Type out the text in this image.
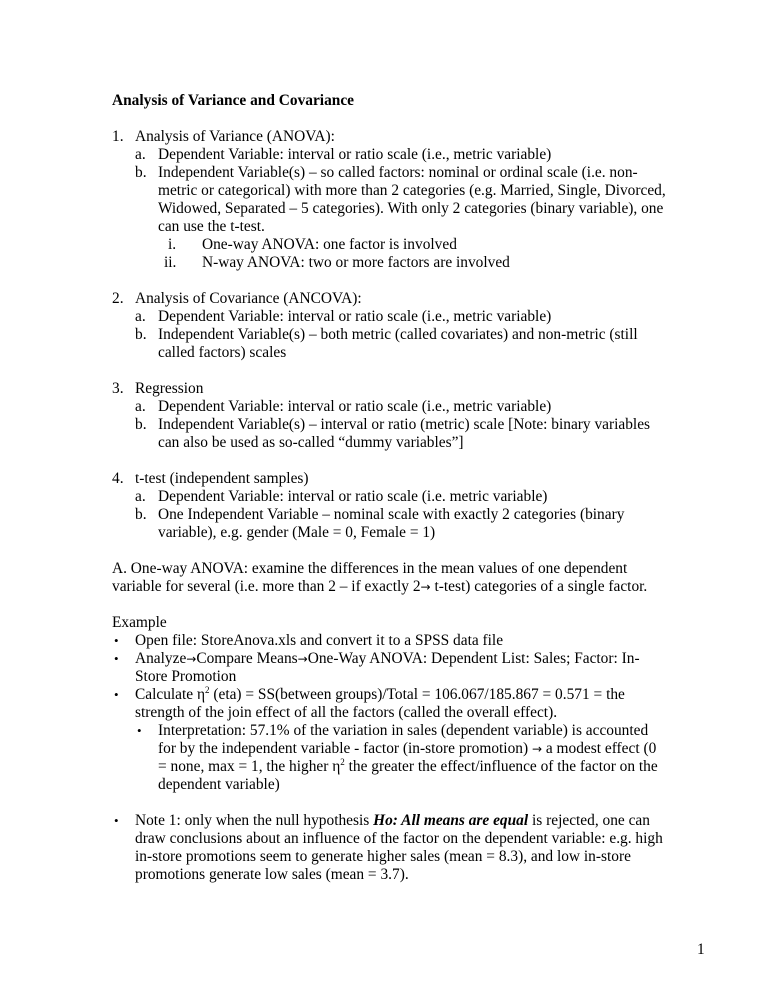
Analysis of Variance and Covariance
1. Analysis of Variance (ANOVA):
a. Dependent Variable: interval or ratio scale (i.e., metric variable)
b. Independent Variable(s) – so called factors: nominal or ordinal scale (i.e. non-
metric or categorical) with more than 2 categories (e.g. Married, Single, Divorced,
Widowed, Separated – 5 categories). With only 2 categories (binary variable), one
can use the t-test.
i. One-way ANOVA: one factor is involved
ii. N-way ANOVA: two or more factors are involved
2. Analysis of Covariance (ANCOVA):
a. Dependent Variable: interval or ratio scale (i.e., metric variable)
b. Independent Variable(s) – both metric (called covariates) and non-metric (still
called factors) scales
3. Regression
a. Dependent Variable: interval or ratio scale (i.e., metric variable)
b. Independent Variable(s) – interval or ratio (metric) scale [Note: binary variables
can also be used as so-called “dummy variables”]
4. t-test (independent samples)
a. Dependent Variable: interval or ratio scale (i.e. metric variable)
b. One Independent Variable – nominal scale with exactly 2 categories (binary
variable), e.g. gender (Male = 0, Female = 1)
A. One-way ANOVA: examine the differences in the mean values of one dependent
variable for several (i.e. more than 2 – if exactly 2→ t-test) categories of a single factor.
Example
• Open file: StoreAnova.xls and convert it to a SPSS data file
• Analyze→Compare Means→One-Way ANOVA: Dependent List: Sales; Factor: In-
Store Promotion
• Calculate $\eta^2$ (eta) = SS(between groups)/Total = 106.067/185.867 = 0.571 = the
strength of the join effect of all the factors (called the overall effect).
• Interpretation: 57.1% of the variation in sales (dependent variable) is accounted
for by the independent variable - factor (in-store promotion) → a modest effect (0
= none, max = 1, the higher $\eta^2$ the greater the effect/influence of the factor on the
dependent variable)
• Note 1: only when the null hypothesis Ho: All means are equal is rejected, one can
draw conclusions about an influence of the factor on the dependent variable: e.g. high
in-store promotions seem to generate higher sales (mean = 8.3), and low in-store
promotions generate low sales (mean = 3.7).
1
